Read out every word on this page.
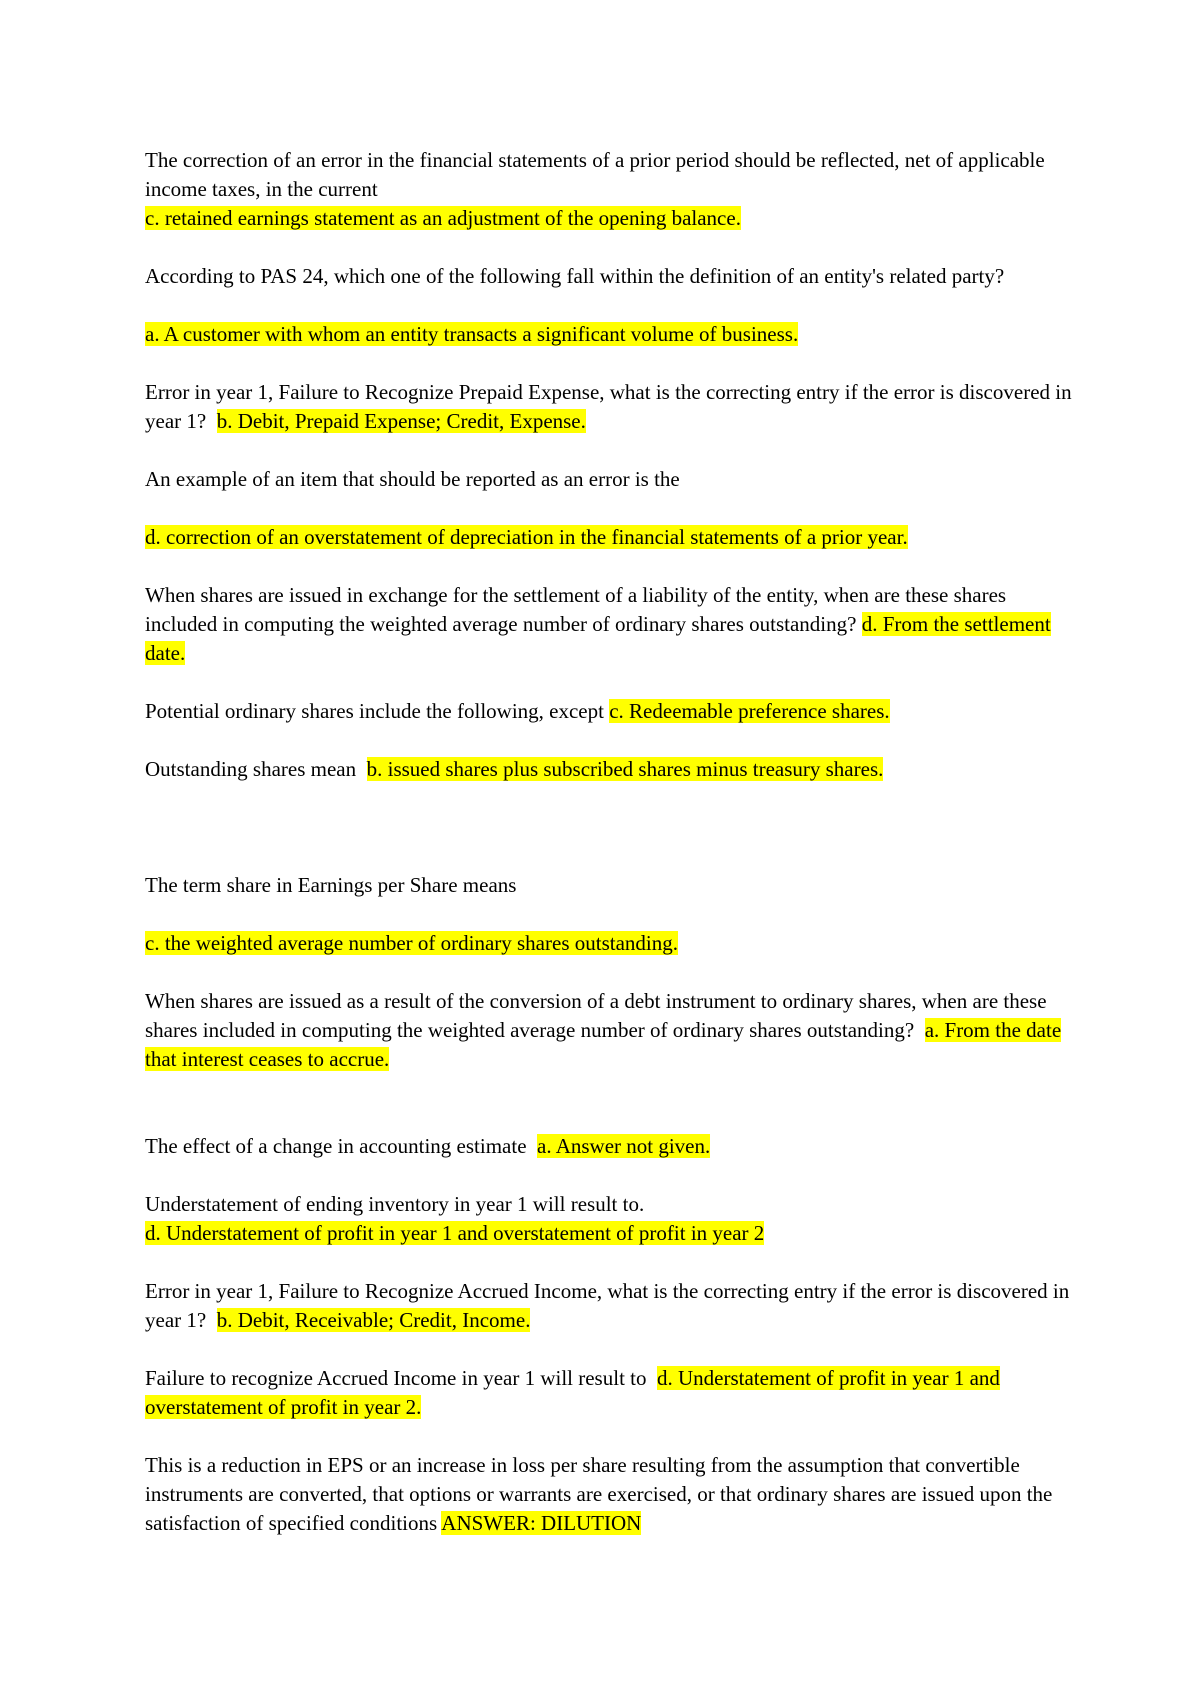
The correction of an error in the financial statements of a prior period should be reflected, net of applicable income taxes, in the current

c. retained earnings statement as an adjustment of the opening balance.

According to PAS 24, which one of the following fall within the definition of an entity's related party?

a. A customer with whom an entity transacts a significant volume of business.

Error in year 1, Failure to Recognize Prepaid Expense, what is the correcting entry if the error is discovered in year 1? b. Debit, Prepaid Expense; Credit, Expense.

An example of an item that should be reported as an error is the

d. correction of an overstatement of depreciation in the financial statements of a prior year.

When shares are issued in exchange for the settlement of a liability of the entity, when are these shares included in computing the weighted average number of ordinary shares outstanding? d. From the settlement date.

Potential ordinary shares include the following, except c. Redeemable preference shares.

Outstanding shares mean b. issued shares plus subscribed shares minus treasury shares.

The term share in Earnings per Share means

c. the weighted average number of ordinary shares outstanding.

When shares are issued as a result of the conversion of a debt instrument to ordinary shares, when are these shares included in computing the weighted average number of ordinary shares outstanding? a. From the date that interest ceases to accrue.

The effect of a change in accounting estimate a. Answer not given.

Understatement of ending inventory in year 1 will result to.

d. Understatement of profit in year 1 and overstatement of profit in year 2

Error in year 1, Failure to Recognize Accrued Income, what is the correcting entry if the error is discovered in year 1? b. Debit, Receivable; Credit, Income.

Failure to recognize Accrued Income in year 1 will result to d. Understatement of profit in year 1 and overstatement of profit in year 2.

This is a reduction in EPS or an increase in loss per share resulting from the assumption that convertible instruments are converted, that options or warrants are exercised, or that ordinary shares are issued upon the satisfaction of specified conditions ANSWER: DILUTION
